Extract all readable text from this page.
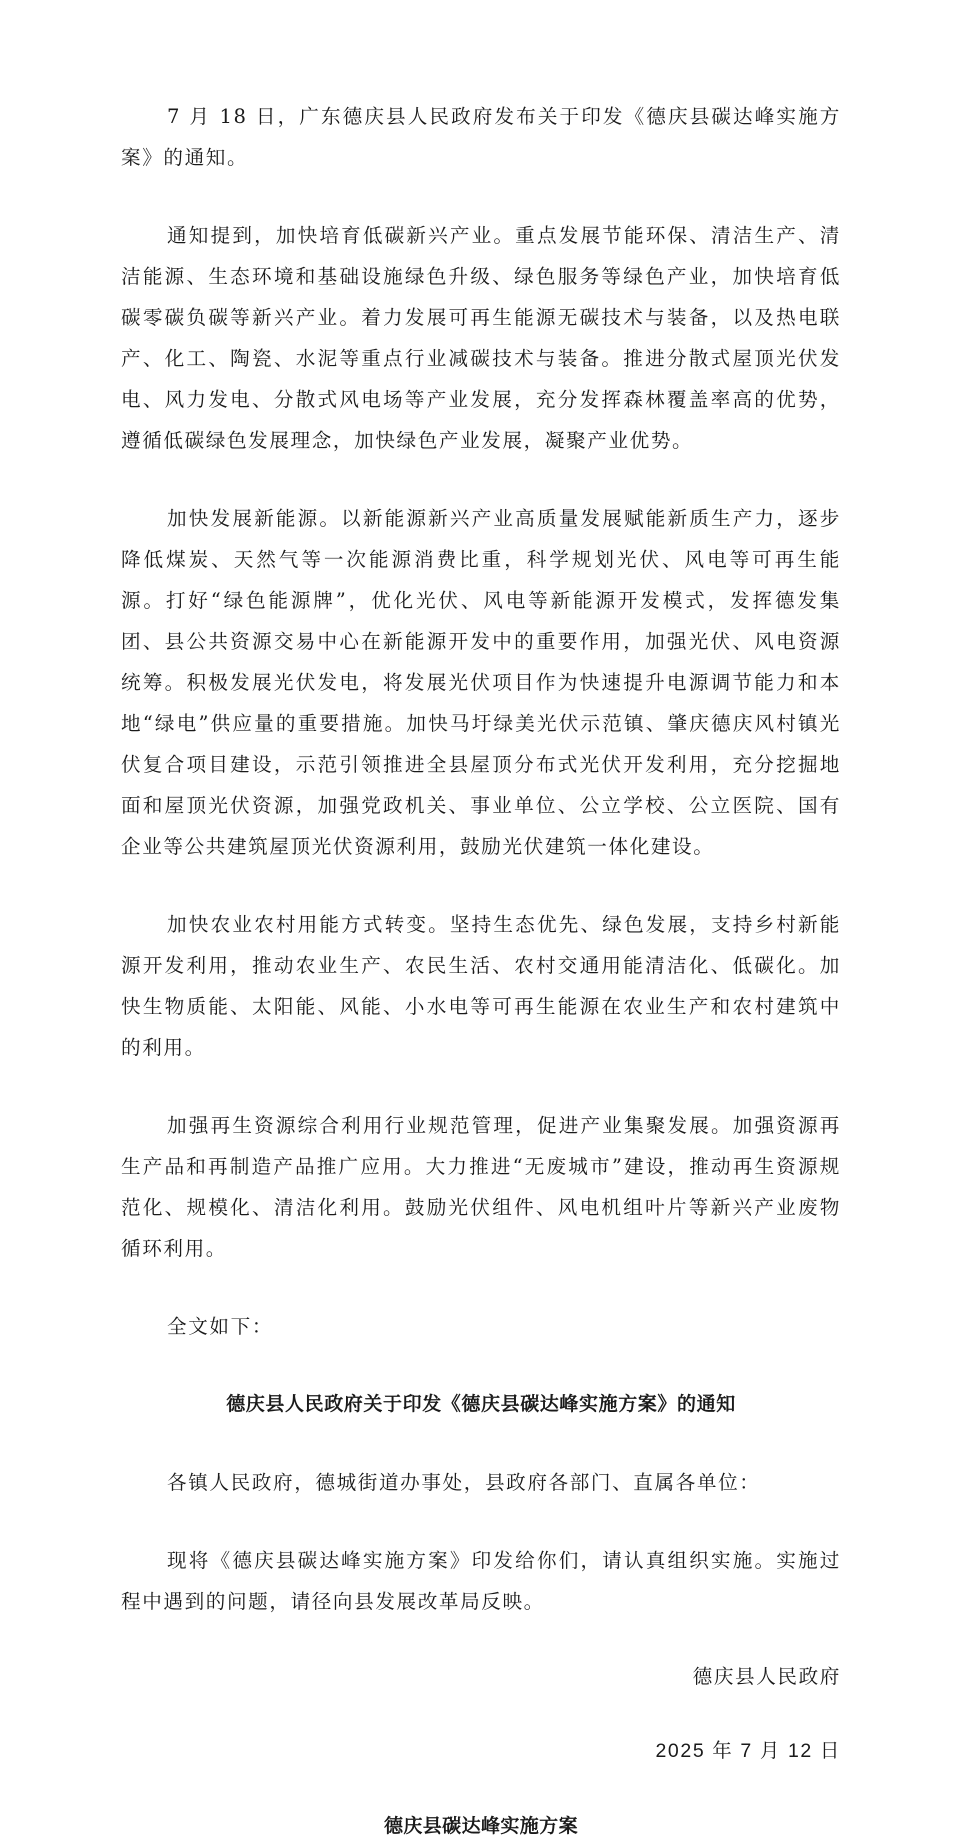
7 月 18 日，广东德庆县人民政府发布关于印发《德庆县碳达峰实施方案》的通知。

通知提到，加快培育低碳新兴产业。重点发展节能环保、清洁生产、清洁能源、生态环境和基础设施绿色升级、绿色服务等绿色产业，加快培育低碳零碳负碳等新兴产业。着力发展可再生能源无碳技术与装备，以及热电联产、化工、陶瓷、水泥等重点行业减碳技术与装备。推进分散式屋顶光伏发电、风力发电、分散式风电场等产业发展，充分发挥森林覆盖率高的优势，遵循低碳绿色发展理念，加快绿色产业发展，凝聚产业优势。

加快发展新能源。以新能源新兴产业高质量发展赋能新质生产力，逐步降低煤炭、天然气等一次能源消费比重，科学规划光伏、风电等可再生能源。打好“绿色能源牌”，优化光伏、风电等新能源开发模式，发挥德发集团、县公共资源交易中心在新能源开发中的重要作用，加强光伏、风电资源统筹。积极发展光伏发电，将发展光伏项目作为快速提升电源调节能力和本地“绿电”供应量的重要措施。加快马圩绿美光伏示范镇、肇庆德庆风村镇光伏复合项目建设，示范引领推进全县屋顶分布式光伏开发利用，充分挖掘地面和屋顶光伏资源，加强党政机关、事业单位、公立学校、公立医院、国有企业等公共建筑屋顶光伏资源利用，鼓励光伏建筑一体化建设。

加快农业农村用能方式转变。坚持生态优先、绿色发展，支持乡村新能源开发利用，推动农业生产、农民生活、农村交通用能清洁化、低碳化。加快生物质能、太阳能、风能、小水电等可再生能源在农业生产和农村建筑中的利用。

加强再生资源综合利用行业规范管理，促进产业集聚发展。加强资源再生产品和再制造产品推广应用。大力推进“无废城市”建设，推动再生资源规范化、规模化、清洁化利用。鼓励光伏组件、风电机组叶片等新兴产业废物循环利用。

全文如下：

德庆县人民政府关于印发《德庆县碳达峰实施方案》的通知

各镇人民政府，德城街道办事处，县政府各部门、直属各单位：

现将《德庆县碳达峰实施方案》印发给你们，请认真组织实施。实施过程中遇到的问题，请径向县发展改革局反映。

德庆县人民政府

2025 年 7 月 12 日

德庆县碳达峰实施方案
